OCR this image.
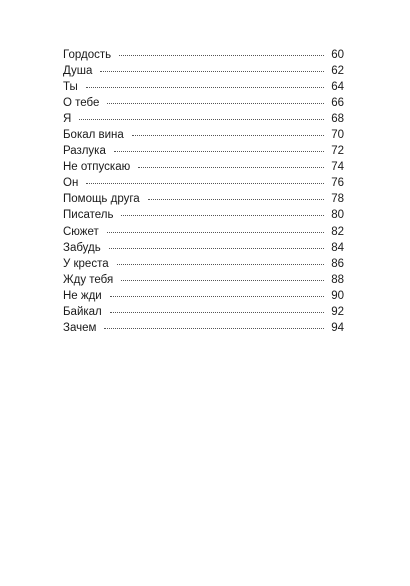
Гордость	60
Душа	62
Ты	64
О тебе	66
Я	68
Бокал вина	70
Разлука	72
Не отпускаю	74
Он	76
Помощь друга	78
Писатель	80
Сюжет	82
Забудь	84
У креста	86
Жду тебя	88
Не жди	90
Байкал	92
Зачем	94
